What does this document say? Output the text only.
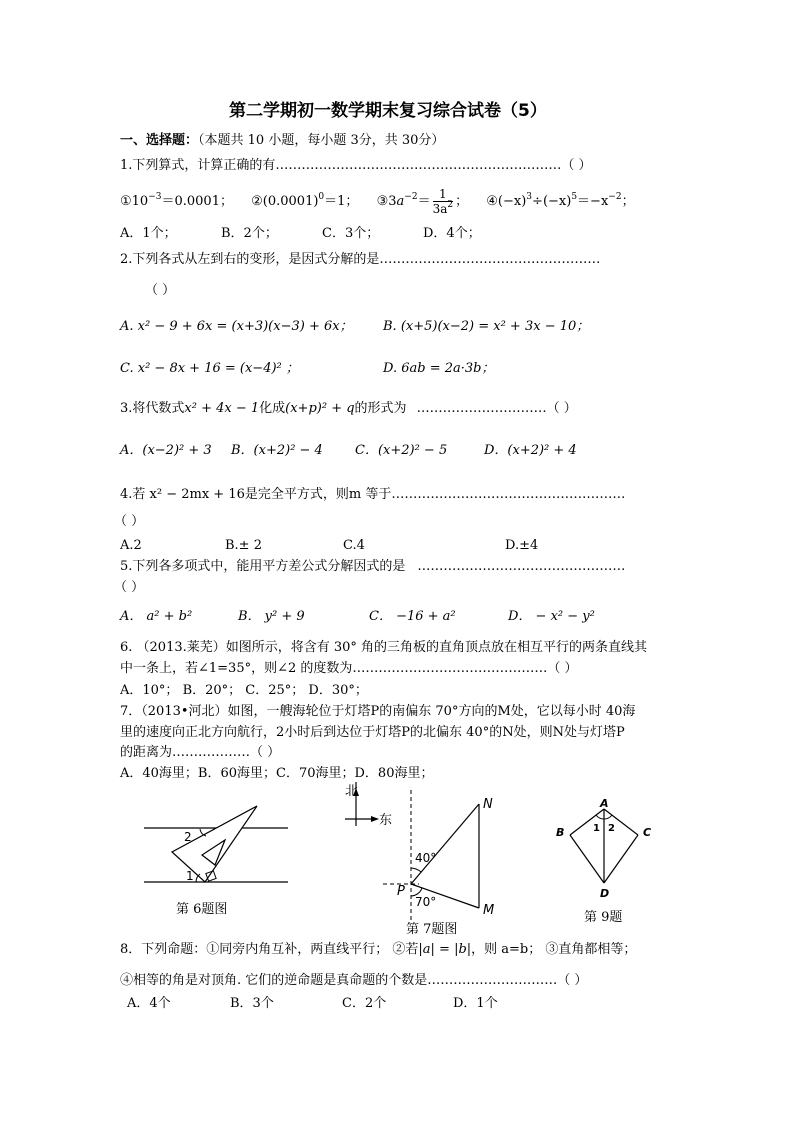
第二学期初一数学期末复习综合试卷（5）
一、选择题：（本题共 10 小题，每小题 3分，共 30分）
1.下列算式，计算正确的有…………………………………………………………（ ）
$①10^{-3}=0.0001$； $②(0.0001)^0=1$； $③3a^{-2}= \frac{1}{3a^2}$ ； $④(-x)^3\div(-x)^5=-x^{-2}$；
A．1个；	B．2个；	C．3个；	D．4个；
2.下列各式从左到右的变形，是因式分解的是……………………………………………
（ ）
A. x² − 9 + 6x = (x+3)(x−3) + 6x； B. (x+5)(x−2) = x² + 3x − 10；
C. x² − 8x + 16 = (x−4)² ；	D. 6ab = 2a·3b；
3.将代数式x² + 4x − 1化成(x+p)² + q的形式为 …………………………（ ）
A．(x−2)² + 3 B．(x+2)² − 4 C．(x+2)² − 5	D．(x+2)² + 4
4.若 x² − 2mx + 16是完全平方式，则m 等于………………………………………………
（ ）
A.2	B.± 2	C.4	D.±4
5.下列各多项式中，能用平方差公式分解因式的是 …………………………………………
（ ）
A． a² + b²	B． y² + 9	C． −16 + a²	D． − x² − y²
6. （2013.莱芜）如图所示，将含有 30° 角的三角板的直角顶点放在相互平行的两条直线其
中一条上，若∠1=35°，则∠2 的度数为………………………………………（ ）
A．10°； B．20°； C．25°； D．30°；
7．（2013•河北）如图，一艘海轮位于灯塔P的南偏东 70°方向的M处，它以每小时 40海
里的速度向正北方向航行，2小时后到达位于灯塔P的北偏东 40°的N处，则N处与灯塔P
的距离为………………（ ）
A．40海里；B．60海里；C．70海里；D．80海里；
2
1
第 6题图
北
东
N
M
P
40°
70°
第 7题图
A
B	C
D
1 2
第 9题
8．下列命题：①同旁内角互补，两直线平行； ②若|a| = |b|，则 a=b； ③直角都相等；
④相等的角是对顶角. 它们的逆命题是真命题的个数是…………………………（ ）
A．4个	B．3个	C．2个	D．1个
